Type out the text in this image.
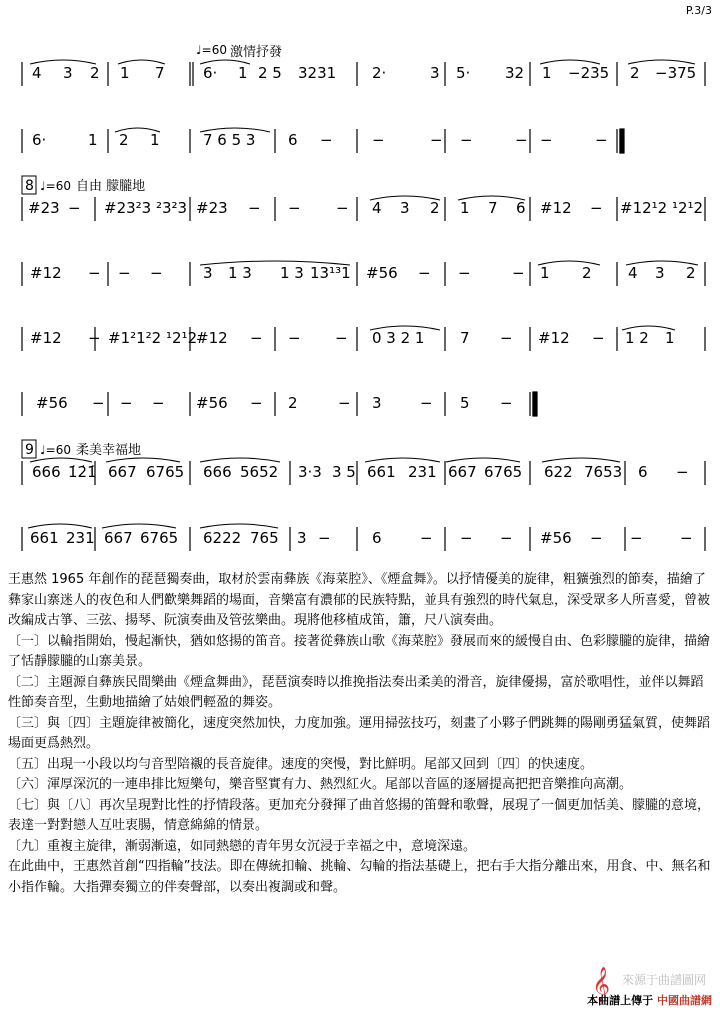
P.3/3
4 3 2 1 7	6· 1 2 5 3231 2·	3 5· 32 1 −235 2 −375
6·	1 2 1	7 6 5 3 6 −	−	− −	− −	−
#23 − #23²3 ²3²3 #23 − − − 4 3 2 1 7 6 #12 − #12¹2 ¹2¹2
#12 − − −	3 1 3 1 3 13¹³1 #56 − −	− 1 2 4 3 2
#12 − #1²1²2 ¹2¹2
#12 − − − 0 3 2 1 7 − #12 − 1 2 1
#56 − − − #56 − 2	− 3	− 5 −
666 1̇2̇1̇ 667 6765 666 5652 3·3 3 5 661 231 667 6765 622 7653 6 −
661 231 667 6765 6222 765 3 −	6	− − − #56 − − −
♩=60 激情抒發
8 ♩=60 自由 朦朧地
9 ♩=60 柔美幸福地

王惠然 1965 年創作的琵琶獨奏曲，取材於雲南彝族《海菜腔》、《煙盒舞》。以抒情優美的旋律，粗獷強烈的節奏，描繪了彝家山寨迷人的夜色和人們歡樂舞蹈的場面，音樂富有濃郁的民族特點，並具有強烈的時代氣息，深受眾多人所喜愛，曾被改編成古箏、三弦、揚琴、阮演奏曲及管弦樂曲。現將他移植成笛，簫，尺八演奏曲。

〔一〕以輪指開始，慢起漸快，猶如悠揚的笛音。接著從彝族山歌《海菜腔》發展而來的緩慢自由、色彩朦朧的旋律，描繪了恬靜朦朧的山寨美景。

〔二〕主題源自彝族民間樂曲《煙盒舞曲》，琵琶演奏時以推挽指法奏出柔美的滑音，旋律優揚，富於歌唱性，並伴以舞蹈性節奏音型，生動地描繪了姑娘們輕盈的舞姿。

〔三〕與〔四〕主題旋律被簡化，速度突然加快，力度加強。運用掃弦技巧，刻畫了小夥子們跳舞的陽剛勇猛氣質，使舞蹈場面更爲熱烈。

〔五〕出現一小段以均勻音型陪襯的長音旋律。速度的突慢，對比鮮明。尾部又回到〔四〕的快速度。

〔六〕渾厚深沉的一連串排比短樂句，樂音堅實有力、熱烈紅火。尾部以音區的逐層提高把把音樂推向高潮。

〔七〕與〔八〕再次呈現對比性的抒情段落。更加充分發揮了曲首悠揚的笛聲和歌聲，展現了一個更加恬美、朦朧的意境，表達一對對戀人互吐衷腸，情意綿綿的情景。

〔九〕重複主旋律，漸弱漸遠，如同熱戀的青年男女沉浸于幸福之中，意境深遠。

在此曲中，王惠然首創“四指輪”技法。即在傳統扣輪、挑輪、勾輪的指法基礎上，把右手大指分離出來，用食、中、無名和小指作輪。大指彈奏獨立的伴奏聲部，以奏出複調或和聲。

來源于曲譜圖网
𝄞
本曲譜上傳于 中國曲譜網
